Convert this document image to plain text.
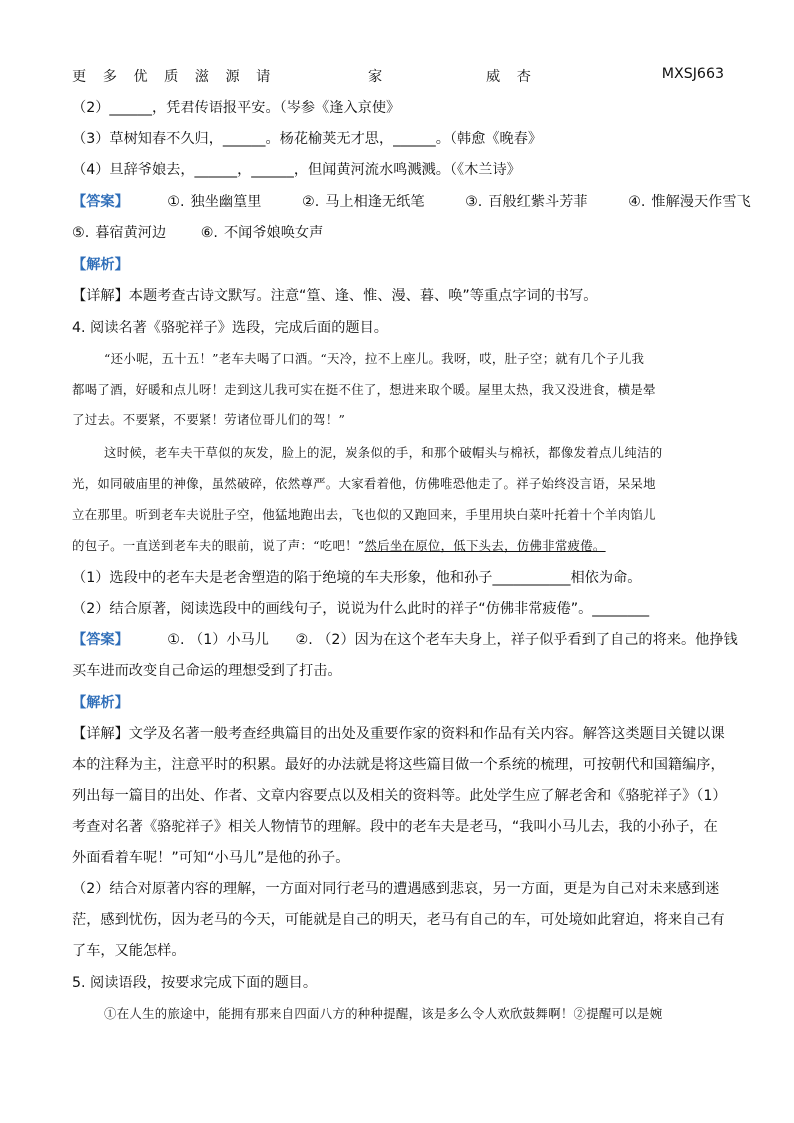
更 多 优 质 滋 源 请	家	威 杏	MXSJ663
（2）______，凭君传语报平安。（岑参《逢入京使》
（3）草树知春不久归，______。杨花榆荚无才思，______。（韩愈《晚春》
（4）旦辞爷娘去，______，______，但闻黄河流水鸣溅溅。（《木兰诗》
【答案】	①. 独坐幽篁里	②. 马上相逢无纸笔	③. 百般红紫斗芳菲	④. 惟解漫天作雪飞
⑤. 暮宿黄河边 ⑥. 不闻爷娘唤女声
【解析】
【详解】本题考查古诗文默写。注意“篁、逢、惟、漫、暮、唤”等重点字词的书写。
4. 阅读名著《骆驼祥子》选段，完成后面的题目。
“还小呢，五十五！”老车夫喝了口酒。“天冷，拉不上座儿。我呀，哎，肚子空；就有几个子儿我
都喝了酒，好暖和点儿呀！走到这儿我可实在挺不住了，想进来取个暖。屋里太热，我又没进食，横是晕
了过去。不要紧，不要紧！劳诸位哥儿们的驾！”
这时候，老车夫干草似的灰发，脸上的泥，炭条似的手，和那个破帽头与棉袄，都像发着点儿纯洁的
光，如同破庙里的神像，虽然破碎，依然尊严。大家看着他，仿佛唯恐他走了。祥子始终没言语，呆呆地
立在那里。听到老车夫说肚子空，他猛地跑出去，飞也似的又跑回来，手里用块白菜叶托着十个羊肉馅儿
的包子。一直送到老车夫的眼前，说了声：“吃吧！”然后坐在原位，低下头去，仿佛非常疲倦。
（1）选段中的老车夫是老舍塑造的陷于绝境的车夫形象，他和孙子___________相依为命。
（2）结合原著，阅读选段中的画线句子，说说为什么此时的祥子“仿佛非常疲倦”。________
【答案】	①. （1）小马儿 ②. （2）因为在这个老车夫身上，祥子似乎看到了自己的将来。他挣钱
买车进而改变自己命运的理想受到了打击。
【解析】
【详解】文学及名著一般考查经典篇目的出处及重要作家的资料和作品有关内容。解答这类题目关键以课
本的注释为主，注意平时的积累。最好的办法就是将这些篇目做一个系统的梳理，可按朝代和国籍编序，
列出每一篇目的出处、作者、文章内容要点以及相关的资料等。此处学生应了解老舍和《骆驼祥子》（1）
考查对名著《骆驼祥子》相关人物情节的理解。段中的老车夫是老马，“我叫小马儿去，我的小孙子，在
外面看着车呢！”可知“小马儿”是他的孙子。
（2）结合对原著内容的理解，一方面对同行老马的遭遇感到悲哀，另一方面，更是为自己对未来感到迷
茫，感到忧伤，因为老马的今天，可能就是自己的明天，老马有自己的车，可处境如此窘迫，将来自己有
了车，又能怎样。
5. 阅读语段，按要求完成下面的题目。
①在人生的旅途中，能拥有那来自四面八方的种种提醒，该是多么令人欢欣鼓舞啊！②提醒可以是婉
